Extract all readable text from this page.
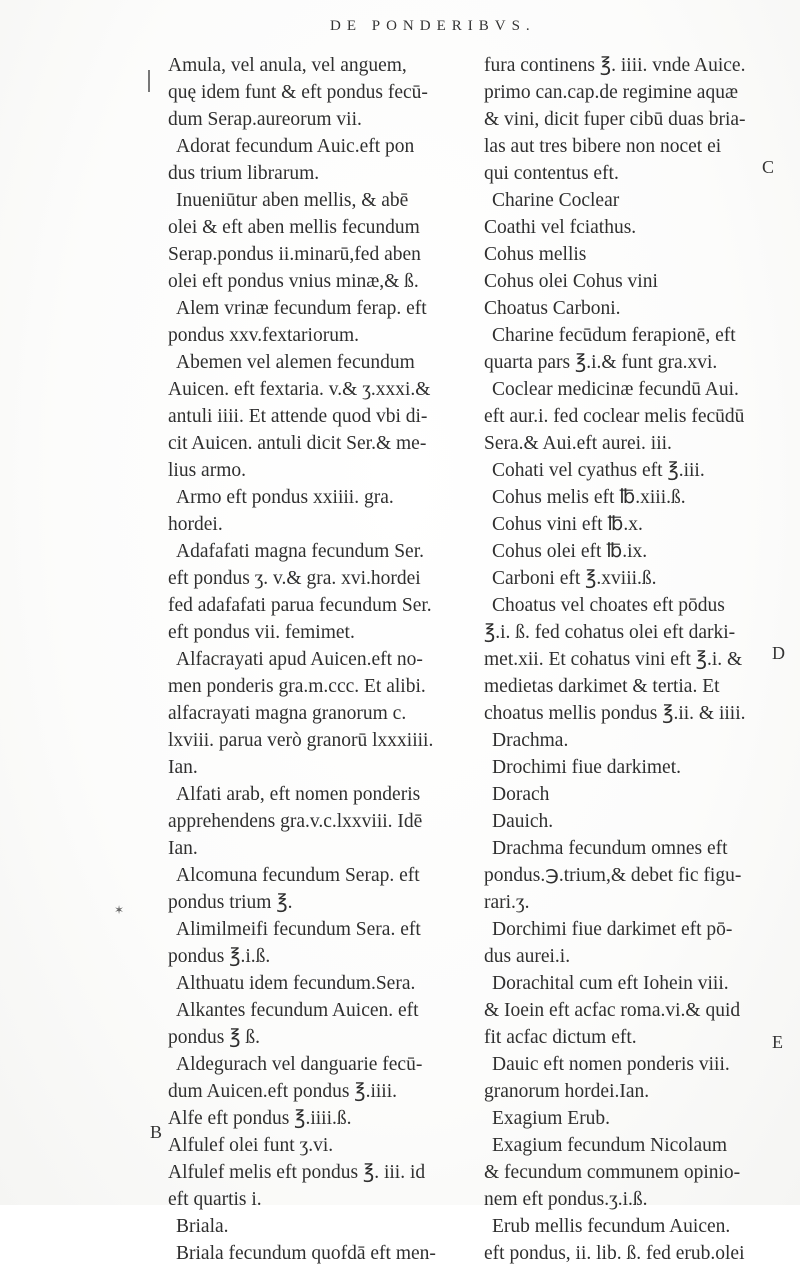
DE PONDERIBVS.
Amula, vel anula, vel anguem,
quę idem funt & eft pondus fecū-
dum Serap.aureorum vii.
Adorat fecundum Auic.eft pon
dus trium librarum.
Inueniūtur aben mellis, & abē
olei & eft aben mellis fecundum
Serap.pondus ii.minarū,fed aben
olei eft pondus vnius minæ,& ß.
Alem vrinæ fecundum ferap. eft
pondus xxv.fextariorum.
Abemen vel alemen fecundum
Auicen. eft fextaria. v.& ʒ.xxxi.&
antuli iiii. Et attende quod vbi di-
cit Auicen. antuli dicit Ser.& me-
lius armo.
Armo eft pondus xxiiii. gra.
hordei.
Adafafati magna fecundum Ser.
eft pondus ʒ. v.& gra. xvi.hordei
fed adafafati parua fecundum Ser.
eft pondus vii. femimet.
Alfacrayati apud Auicen.eft no-
men ponderis gra.m.ccc. Et alibi.
alfacrayati magna granorum c.
lxviii. parua verò granorū lxxxiiii.
Ian.
Alfati arab, eft nomen ponderis
apprehendens gra.v.c.lxxviii. Idē
Ian.
Alcomuna fecundum Serap. eft
pondus trium ℥.
Alimilmeifi fecundum Sera. eft
pondus ℥.i.ß.
Althuatu idem fecundum.Sera.
Alkantes fecundum Auicen. eft
pondus ℥ ß.
Aldegurach vel danguarie fecū-
dum Auicen.eft pondus ℥.iiii.
Alfe eft pondus ℥.iiii.ß.
Alfulef olei funt ʒ.vi.
Alfulef melis eft pondus ℥. iii. id
eft quartis i.
Briala.
Briala fecundum quofdā eft men-
fura continens ℥. iiii. vnde Auice.
primo can.cap.de regimine aquæ
& vini, dicit fuper cibū duas bria-
las aut tres bibere non nocet ei
qui contentus eft.
Charine Coclear
Coathi vel fciathus.
Cohus mellis
Cohus olei Cohus vini
Choatus Carboni.
Charine fecūdum ferapionē, eft
quarta pars ℥.i.& funt gra.xvi.
Coclear medicinæ fecundū Aui.
eft aur.i. fed coclear melis fecūdū
Sera.& Aui.eft aurei. iii.
Cohati vel cyathus eft ℥.iii.
Cohus melis eft ℔.xiii.ß.
Cohus vini eft ℔.x.
Cohus olei eft ℔.ix.
Carboni eft ℥.xviii.ß.
Choatus vel choates eft pōdus
℥.i. ß. fed cohatus olei eft darki-
met.xii. Et cohatus vini eft ℥.i. &
medietas darkimet & tertia. Et
choatus mellis pondus ℥.ii. & iiii.
Drachma.
Drochimi fiue darkimet.
Dorach
Dauich.
Drachma fecundum omnes eft
pondus.℈.trium,& debet fic figu-
rari.ʒ.
Dorchimi fiue darkimet eft pō-
dus aurei.i.
Dorachital cum eft Iohein viii.
& Ioein eft acfac roma.vi.& quid
fit acfac dictum eft.
Dauic eft nomen ponderis viii.
granorum hordei.Ian.
Exagium Erub.
Exagium fecundum Nicolaum
& fecundum communem opinio-
nem eft pondus.ʒ.i.ß.
Erub mellis fecundum Auicen.
eft pondus, ii. lib. ß. fed erub.olei
C
D
E
B
✶
